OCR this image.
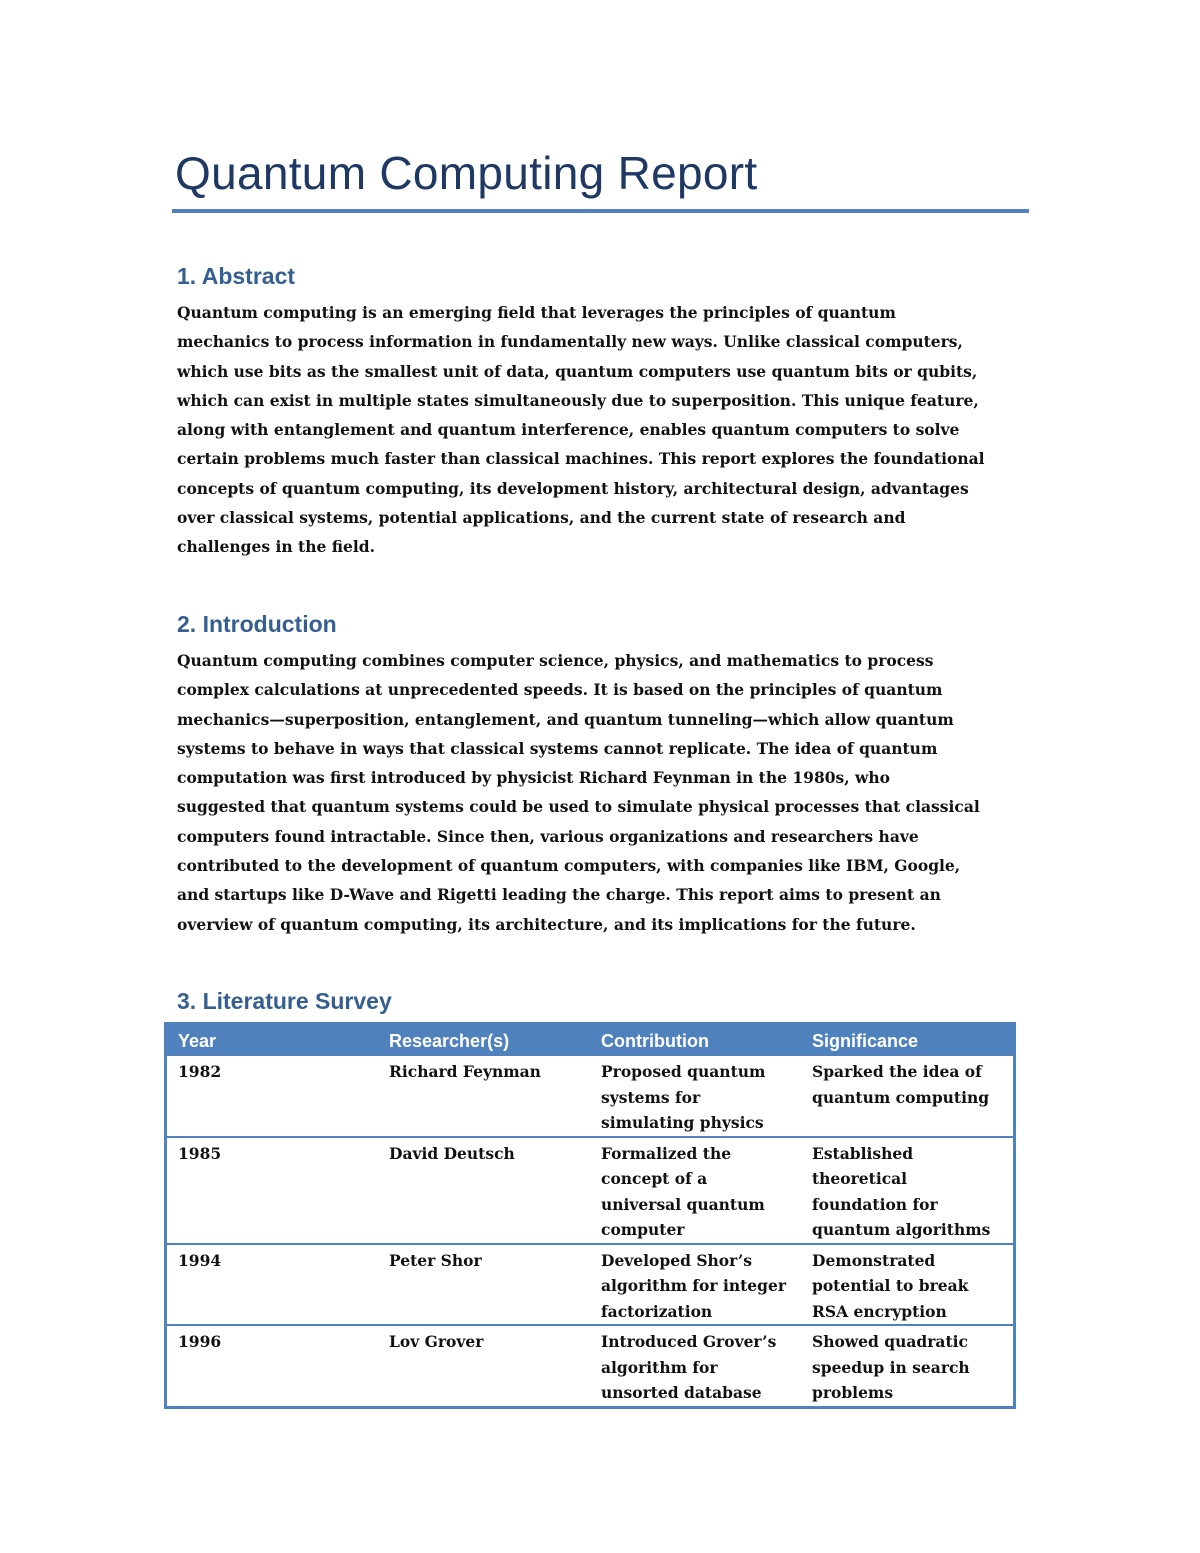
Quantum Computing Report
1. Abstract
Quantum computing is an emerging field that leverages the principles of quantum
mechanics to process information in fundamentally new ways. Unlike classical computers,
which use bits as the smallest unit of data, quantum computers use quantum bits or qubits,
which can exist in multiple states simultaneously due to superposition. This unique feature,
along with entanglement and quantum interference, enables quantum computers to solve
certain problems much faster than classical machines. This report explores the foundational
concepts of quantum computing, its development history, architectural design, advantages
over classical systems, potential applications, and the current state of research and
challenges in the field.
2. Introduction
Quantum computing combines computer science, physics, and mathematics to process
complex calculations at unprecedented speeds. It is based on the principles of quantum
mechanics—superposition, entanglement, and quantum tunneling—which allow quantum
systems to behave in ways that classical systems cannot replicate. The idea of quantum
computation was first introduced by physicist Richard Feynman in the 1980s, who
suggested that quantum systems could be used to simulate physical processes that classical
computers found intractable. Since then, various organizations and researchers have
contributed to the development of quantum computers, with companies like IBM, Google,
and startups like D-Wave and Rigetti leading the charge. This report aims to present an
overview of quantum computing, its architecture, and its implications for the future.
3. Literature Survey
Year	Researcher(s)	Contribution	Significance
1982	Richard Feynman	Proposed quantum systems for simulating physics	Sparked the idea of quantum computing
1985	David Deutsch	Formalized the concept of a universal quantum computer	Established theoretical foundation for quantum algorithms
1994	Peter Shor	Developed Shor’s algorithm for integer factorization	Demonstrated potential to break RSA encryption
1996	Lov Grover	Introduced Grover’s algorithm for unsorted database	Showed quadratic speedup in search problems
